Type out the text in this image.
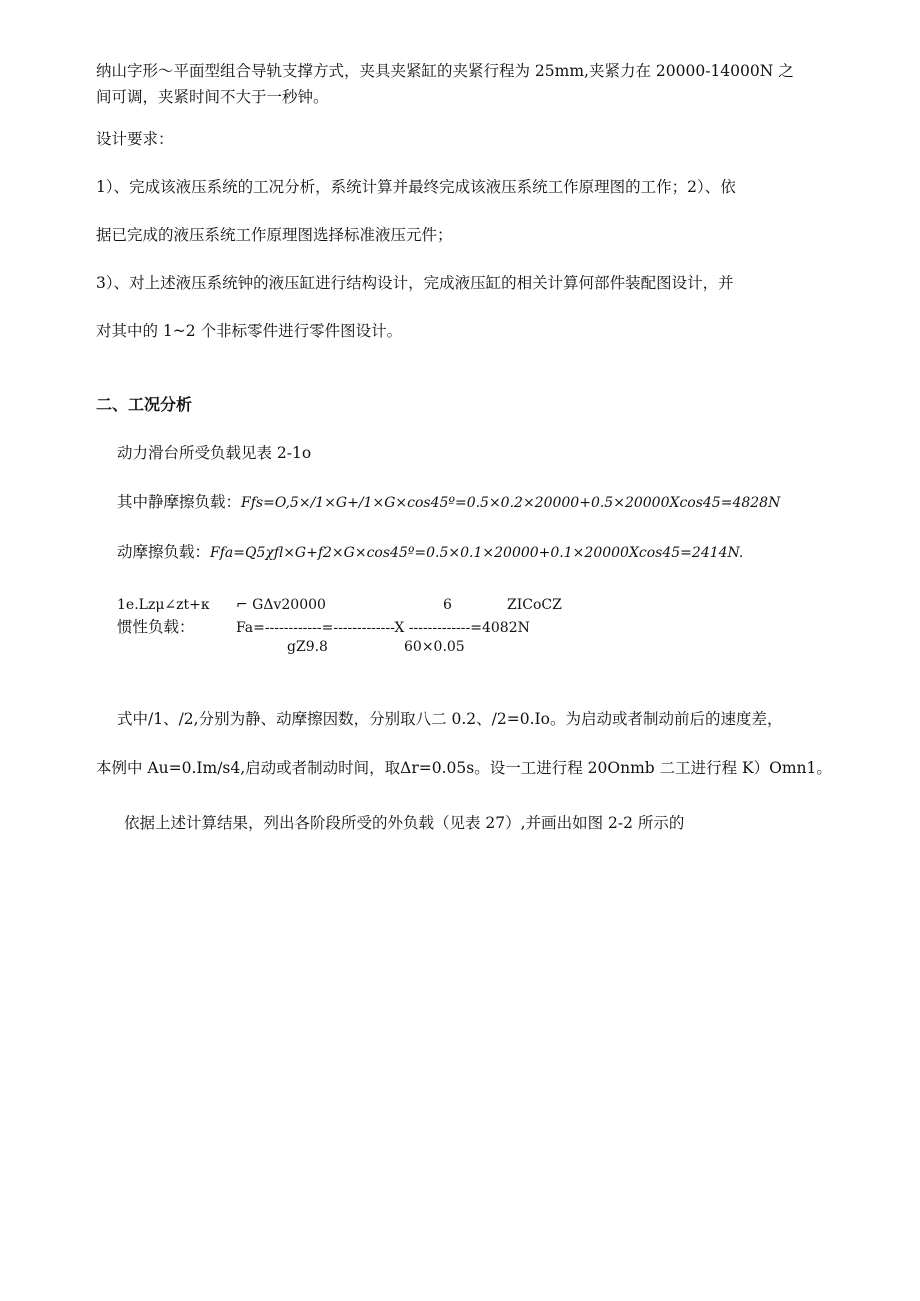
纳山字形～平面型组合导轨支撑方式，夹具夹紧缸的夹紧行程为 25mm,夹紧力在 20000-14000N 之
间可调，夹紧时间不大于一秒钟。
设计要求：
1）、完成该液压系统的工况分析，系统计算并最终完成该液压系统工作原理图的工作；2）、依
据已完成的液压系统工作原理图选择标准液压元件；
3）、对上述液压系统钟的液压缸进行结构设计，完成液压缸的相关计算何部件装配图设计，并
对其中的 1~2 个非标零件进行零件图设计。
二、工况分析
动力滑台所受负载见表 2-1o
其中静摩擦负载：Ffs=O,5×/1×G+/1×G×cos45º=0.5×0.2×20000+0.5×20000Xcos45=4828N
动摩擦负载：Ffa=Q5χfl×G+f2×G×cos45º=0.5×0.1×20000+0.1×20000Xcos45=2414N.
1e.Lzμ∠zt+κ ⌐ GΔv20000	6	ZICoCZ
惯性负载：	Fa=------------=-------------X -------------=4082N
gZ9.8	60×0.05
式中/1、/2,分别为静、动摩擦因数，分别取八二 0.2、/2=0.Io。为启动或者制动前后的速度差，
本例中 Au=0.Im∕s4,启动或者制动时间，取Δr=0.05s。设一工进行程 20Onmb 二工进行程 K）Omn1。
依据上述计算结果，列出各阶段所受的外负载（见表 27）,并画出如图 2-2 所示的
